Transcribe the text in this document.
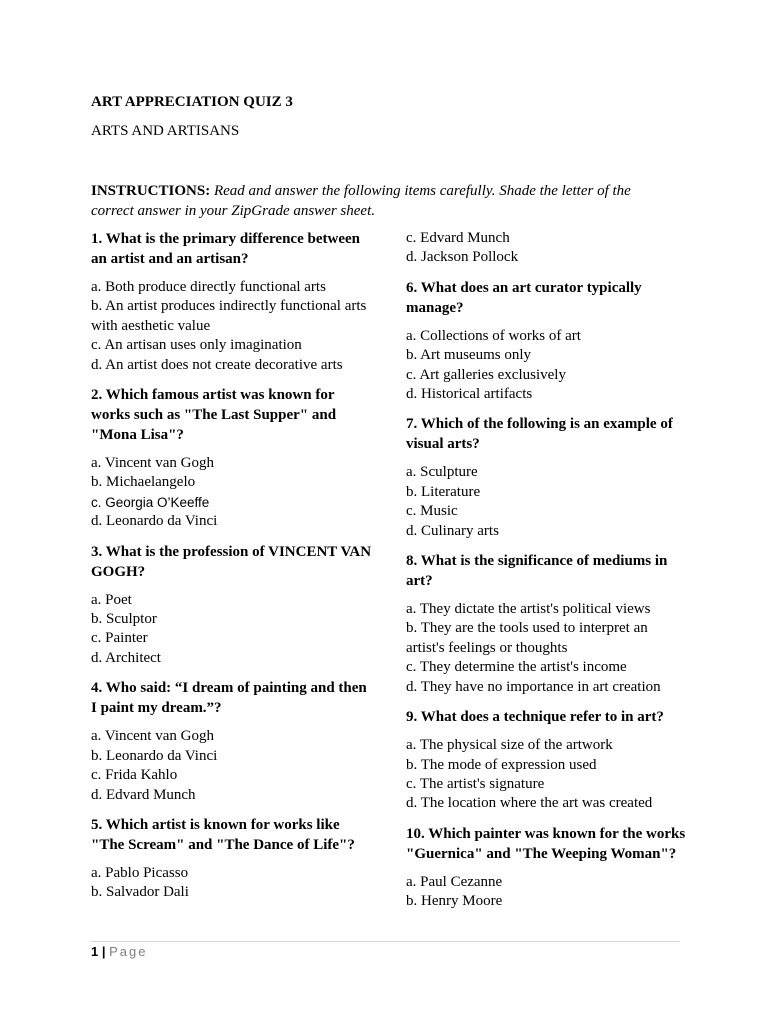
ART APPRECIATION QUIZ 3
ARTS AND ARTISANS
INSTRUCTIONS: Read and answer the following items carefully. Shade the letter of the correct answer in your ZipGrade answer sheet.
1. What is the primary difference between an artist and an artisan?
a. Both produce directly functional arts
b. An artist produces indirectly functional arts with aesthetic value
c. An artisan uses only imagination
d. An artist does not create decorative arts
2. Which famous artist was known for works such as "The Last Supper" and "Mona Lisa"?
a. Vincent van Gogh
b. Michaelangelo
c. Georgia O’Keeffe
d. Leonardo da Vinci
3. What is the profession of VINCENT VAN GOGH?
a. Poet
b. Sculptor
c. Painter
d. Architect
4. Who said: “I dream of painting and then I paint my dream.”?
a. Vincent van Gogh
b. Leonardo da Vinci
c. Frida Kahlo
d. Edvard Munch
5. Which artist is known for works like "The Scream" and "The Dance of Life"?
a. Pablo Picasso
b. Salvador Dali
c. Edvard Munch
d. Jackson Pollock
6. What does an art curator typically manage?
a. Collections of works of art
b. Art museums only
c. Art galleries exclusively
d. Historical artifacts
7. Which of the following is an example of visual arts?
a. Sculpture
b. Literature
c. Music
d. Culinary arts
8. What is the significance of mediums in art?
a. They dictate the artist's political views
b. They are the tools used to interpret an artist's feelings or thoughts
c. They determine the artist's income
d. They have no importance in art creation
9. What does a technique refer to in art?
a. The physical size of the artwork
b. The mode of expression used
c. The artist's signature
d. The location where the art was created
10. Which painter was known for the works "Guernica" and "The Weeping Woman"?
a. Paul Cezanne
b. Henry Moore
1 | Page
